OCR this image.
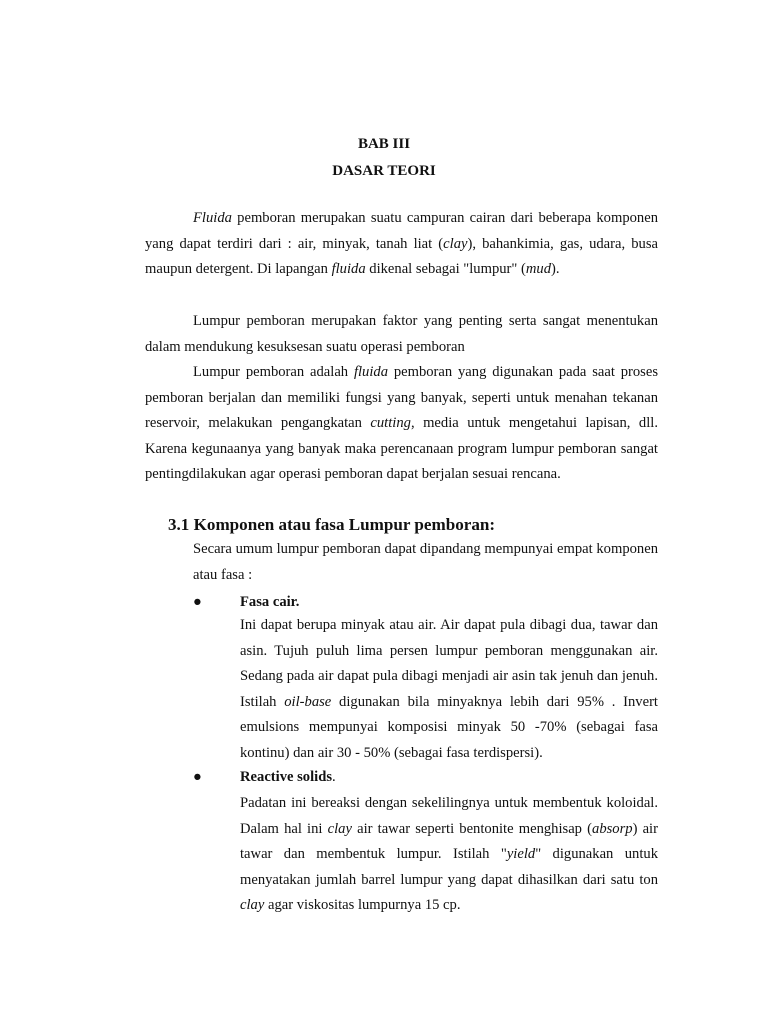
BAB III
DASAR TEORI

Fluida pemboran merupakan suatu campuran cairan dari beberapa komponen yang dapat terdiri dari : air, minyak, tanah liat (clay), bahankimia, gas, udara, busa maupun detergent. Di lapangan fluida dikenal sebagai "lumpur" (mud).

Lumpur pemboran merupakan faktor yang penting serta sangat menentukan dalam mendukung kesuksesan suatu operasi pemboran

Lumpur pemboran adalah fluida pemboran yang digunakan pada saat proses pemboran berjalan dan memiliki fungsi yang banyak, seperti untuk menahan tekanan reservoir, melakukan pengangkatan cutting, media untuk mengetahui lapisan, dll. Karena kegunaanya yang banyak maka perencanaan program lumpur pemboran sangat pentingdilakukan agar operasi pemboran dapat berjalan sesuai rencana.

3.1 Komponen atau fasa Lumpur pemboran:

Secara umum lumpur pemboran dapat dipandang mempunyai empat komponen atau fasa :

●	Fasa cair.

Ini dapat berupa minyak atau air. Air dapat pula dibagi dua, tawar dan asin. Tujuh puluh lima persen lumpur pemboran menggunakan air. Sedang pada air dapat pula dibagi menjadi air asin tak jenuh dan jenuh. Istilah oil-base digunakan bila minyaknya lebih dari 95% . Invert emulsions mempunyai komposisi minyak 50 -70% (sebagai fasa kontinu) dan air 30 - 50% (sebagai fasa terdispersi).

●	Reactive solids.

Padatan ini bereaksi dengan sekelilingnya untuk membentuk koloidal. Dalam hal ini clay air tawar seperti bentonite menghisap (absorp) air tawar dan membentuk lumpur. Istilah "yield" digunakan untuk menyatakan jumlah barrel lumpur yang dapat dihasilkan dari satu ton clay agar viskositas lumpurnya 15 cp.
